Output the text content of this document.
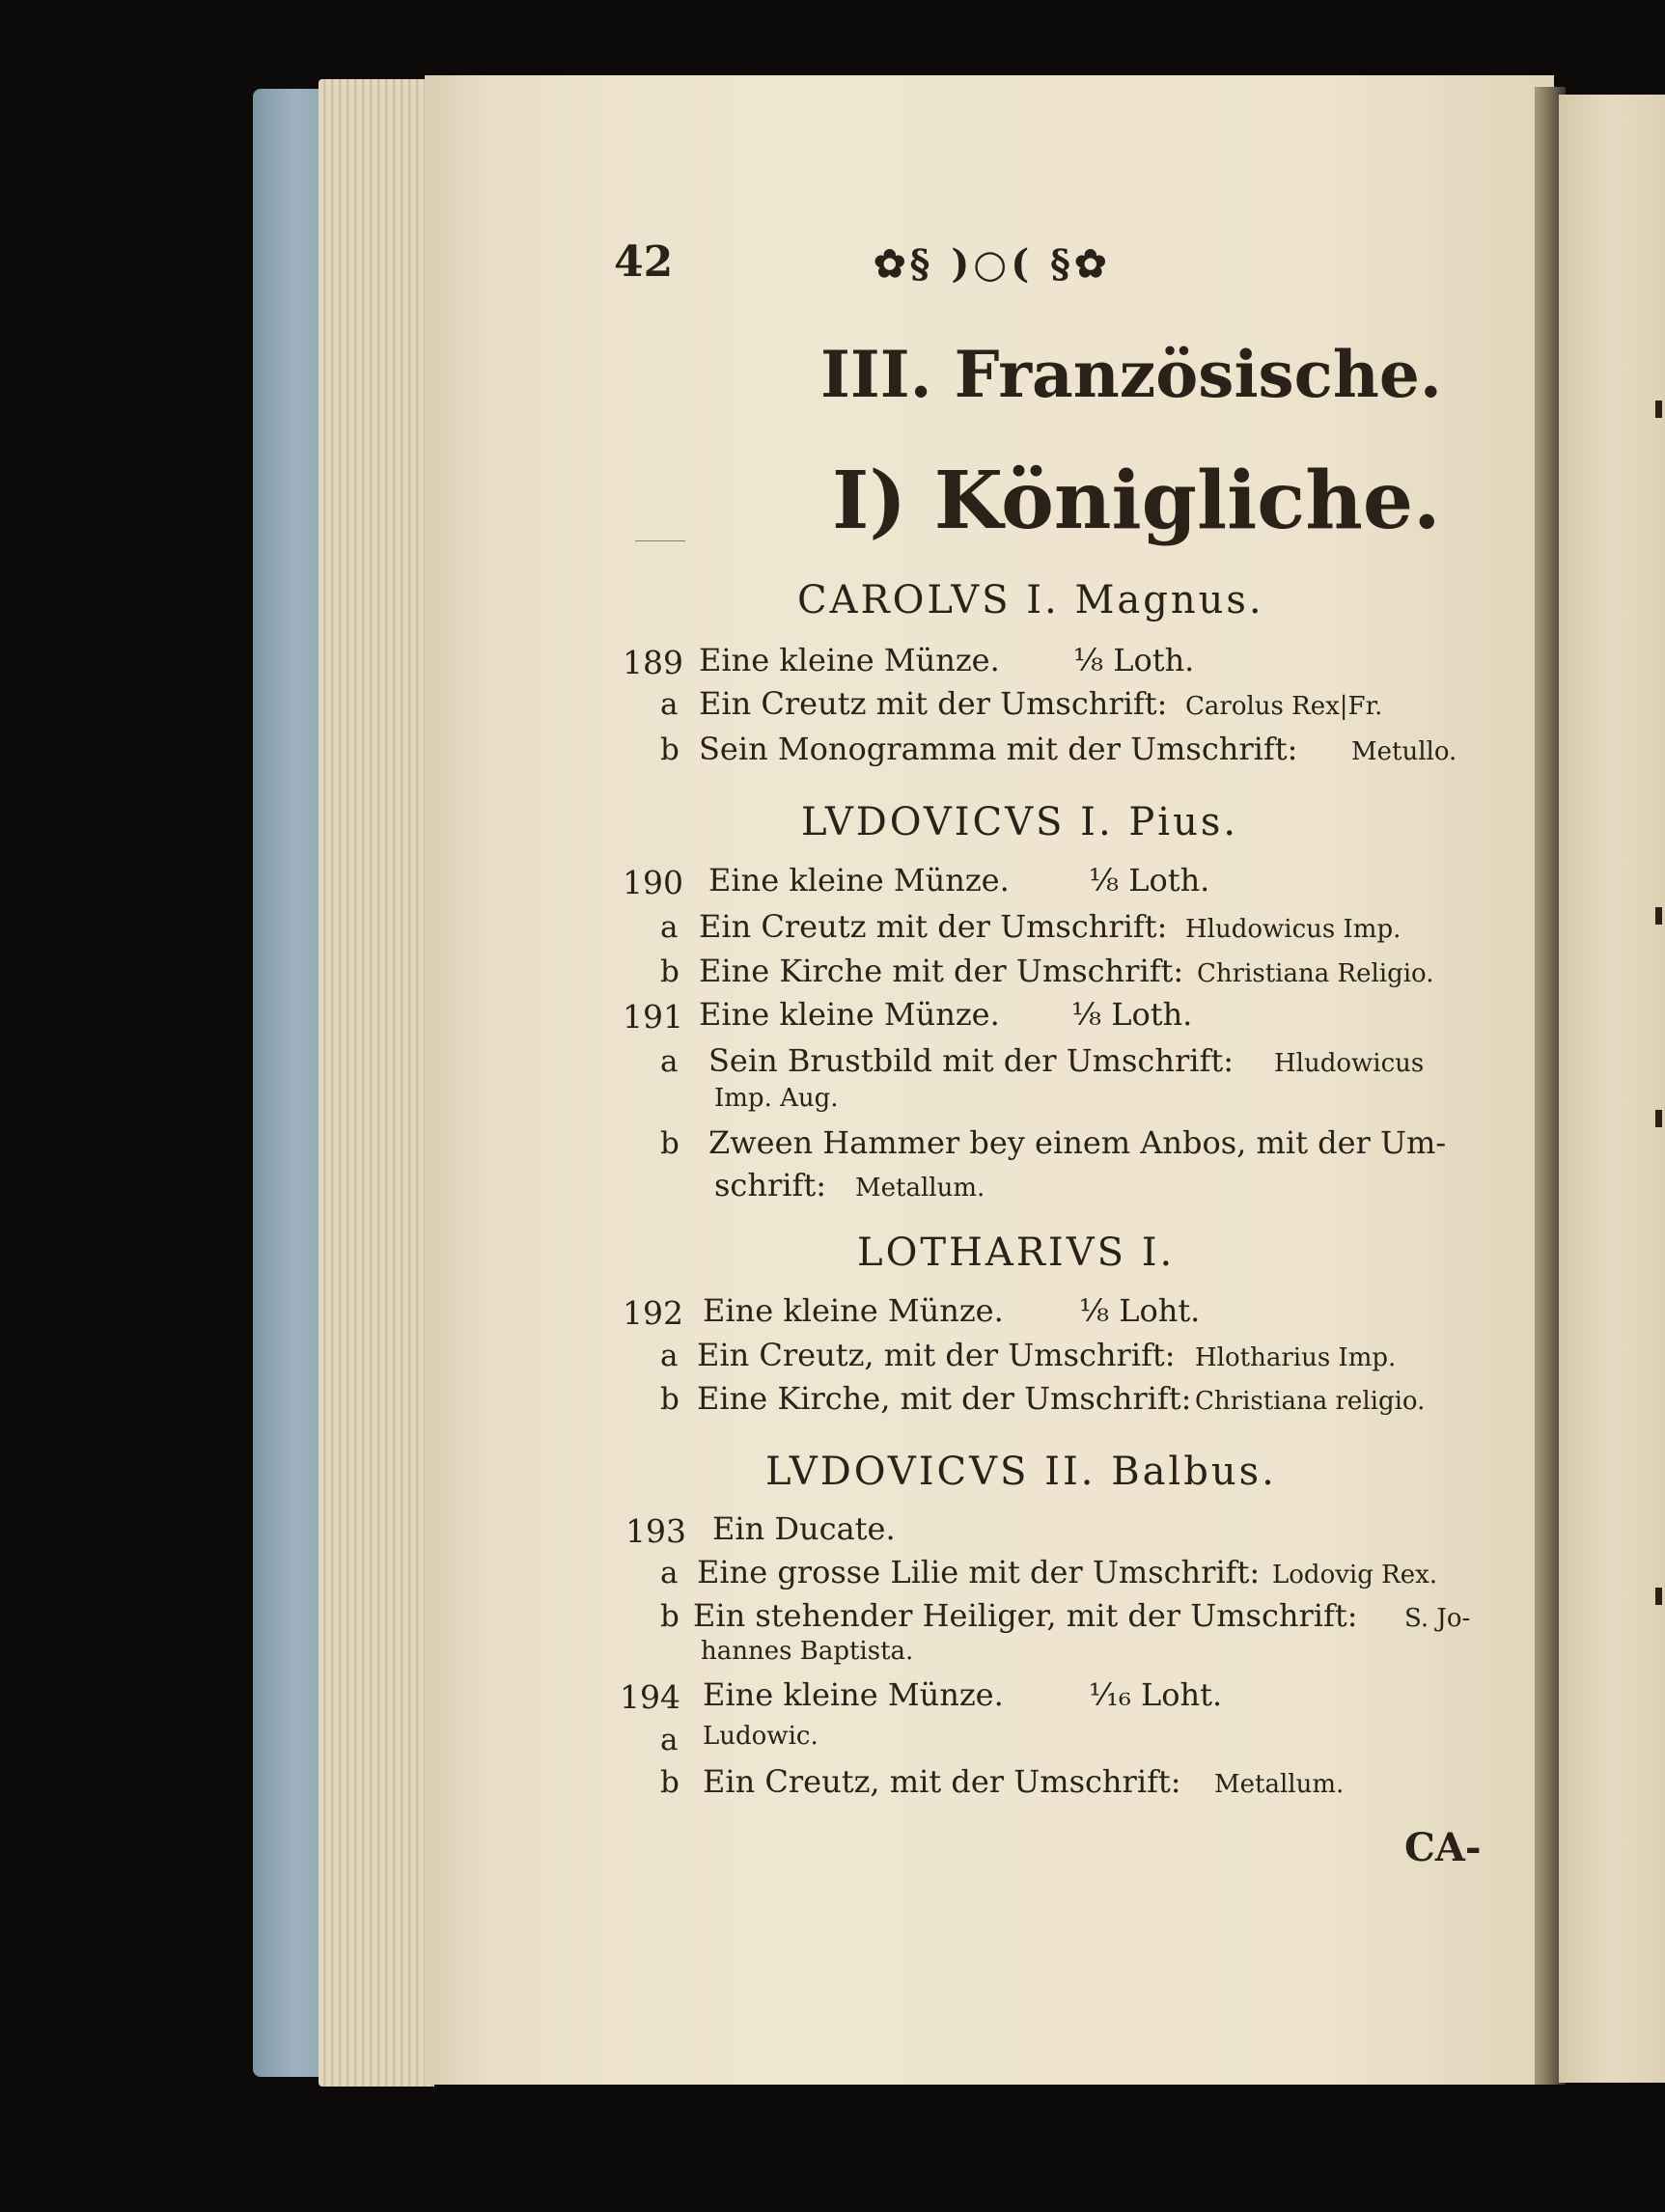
42	✿§ )○( §✿
III. Französische.
I) Königliche.
CAROLVS I. Magnus.
189 Eine kleine Münze. ⅛ Loth.
a Ein Creutz mit der Umschrift: Carolus Rex|Fr.
b Sein Monogramma mit der Umschrift: Metullo.
LVDOVICVS I. Pius.
190 Eine kleine Münze.	⅛ Loth.
a Ein Creutz mit der Umschrift: Hludowicus Imp.
b Eine Kirche mit der Umschrift: Christiana Religio.
191 Eine kleine Münze. ⅛ Loth.
a Sein Brustbild mit der Umschrift: Hludowicus
Imp. Aug.
b Zween Hammer bey einem Anbos, mit der Um-
schrift: Metallum.
LOTHARIVS I.
192 Eine kleine Münze. ⅛ Loht.
a Ein Creutz, mit der Umschrift: Hlotharius Imp.
b Eine Kirche, mit der Umschrift: Christiana religio.
LVDOVICVS II. Balbus.
193 Ein Ducate.
a Eine grosse Lilie mit der Umschrift: Lodovig Rex.
b Ein stehender Heiliger, mit der Umschrift: S. Jo-
hannes Baptista.
194 Eine kleine Münze.	¹⁄₁₆ Loht.
a Ludowic.
b Ein Creutz, mit der Umschrift: Metallum.
CA-
